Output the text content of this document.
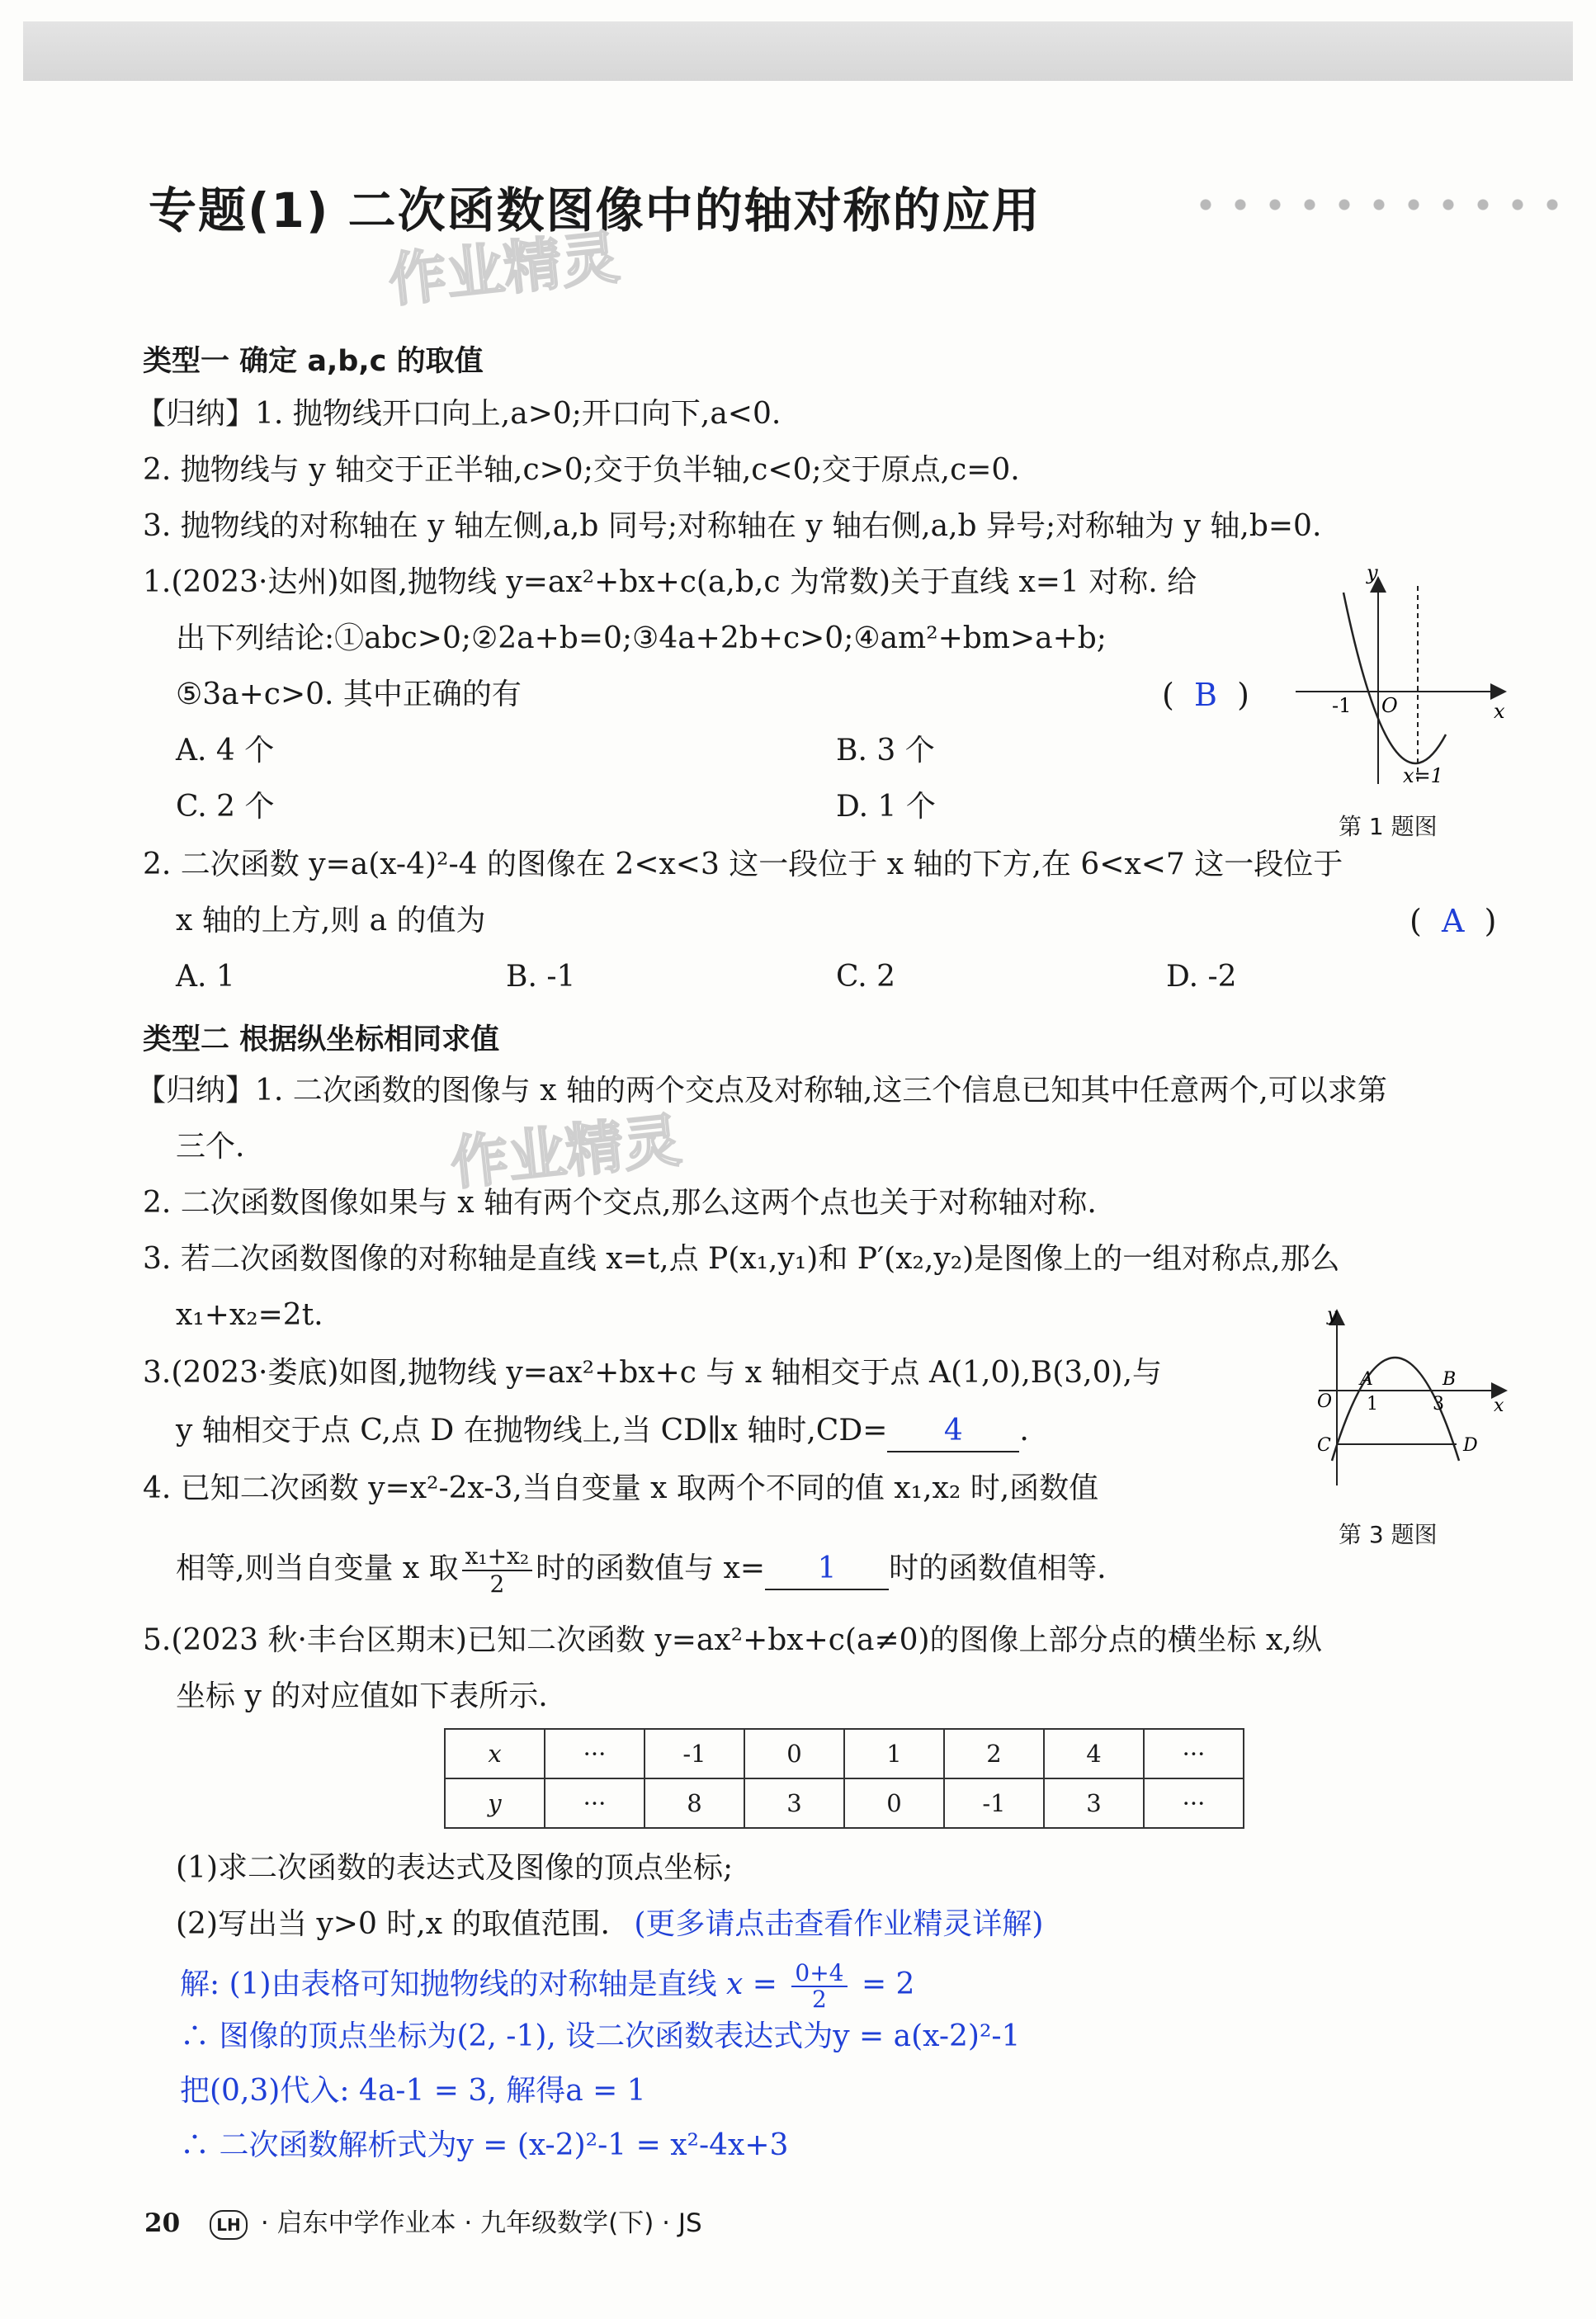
专题(1) 二次函数图像中的轴对称的应用
作业精灵
作业精灵
类型一 确定 a,b,c 的取值
【归纳】1. 抛物线开口向上,a>0;开口向下,a<0.
2. 抛物线与 y 轴交于正半轴,c>0;交于负半轴,c<0;交于原点,c=0.
3. 抛物线的对称轴在 y 轴左侧,a,b 同号;对称轴在 y 轴右侧,a,b 异号;对称轴为 y 轴,b=0.
1.(2023·达州)如图,抛物线 y=ax²+bx+c(a,b,c 为常数)关于直线 x=1 对称. 给
出下列结论:①abc>0;②2a+b=0;③4a+2b+c>0;④am²+bm>a+b;
⑤3a+c>0. 其中正确的有	(  B  )
A. 4 个	B. 3 个
C. 2 个	D. 1 个
y
x
-1 O
x=1
第 1 题图
2. 二次函数 y=a(x-4)²-4 的图像在 2<x<3 这一段位于 x 轴的下方,在 6<x<7 这一段位于
x 轴的上方,则 a 的值为	(  A  )
A. 1	B. -1	C. 2	D. -2
类型二 根据纵坐标相同求值
【归纳】1. 二次函数的图像与 x 轴的两个交点及对称轴,这三个信息已知其中任意两个,可以求第
三个.
2. 二次函数图像如果与 x 轴有两个交点,那么这两个点也关于对称轴对称.
3. 若二次函数图像的对称轴是直线 x=t,点 P(x₁,y₁)和 P′(x₂,y₂)是图像上的一组对称点,那么
x₁+x₂=2t.
3.(2023·娄底)如图,抛物线 y=ax²+bx+c 与 x 轴相交于点 A(1,0),B(3,0),与
y 轴相交于点 C,点 D 在抛物线上,当 CD∥x 轴时,CD= 4 .
y
x
O
A	B
C	D
1	3
第 3 题图
4. 已知二次函数 y=x²-2x-3,当自变量 x 取两个不同的值 x₁,x₂ 时,函数值
相等,则当自变量 x 取 $\frac{\text{x₁+x₂}}{2}$ 时的函数值与 x= 1 时的函数值相等.
5.(2023 秋·丰台区期末)已知二次函数 y=ax²+bx+c(a≠0)的图像上部分点的横坐标 x,纵
坐标 y 的对应值如下表所示.
x	···	-1	0	1	2	4	···
y	···	8	3	0	-1	3	···
(1)求二次函数的表达式及图像的顶点坐标;
(2)写出当 y>0 时,x 的取值范围. (更多请点击查看作业精灵详解)
解: (1)由表格可知抛物线的对称轴是直线 $x = \frac{0+4}{2} = 2$
∴ 图像的顶点坐标为(2, -1), 设二次函数表达式为y = a(x-2)²-1
把(0,3)代入: 4a-1 = 3, 解得a = 1
∴ 二次函数解析式为y = (x-2)²-1 = x²-4x+3
20 LH · 启东中学作业本 · 九年级数学(下) · JS
